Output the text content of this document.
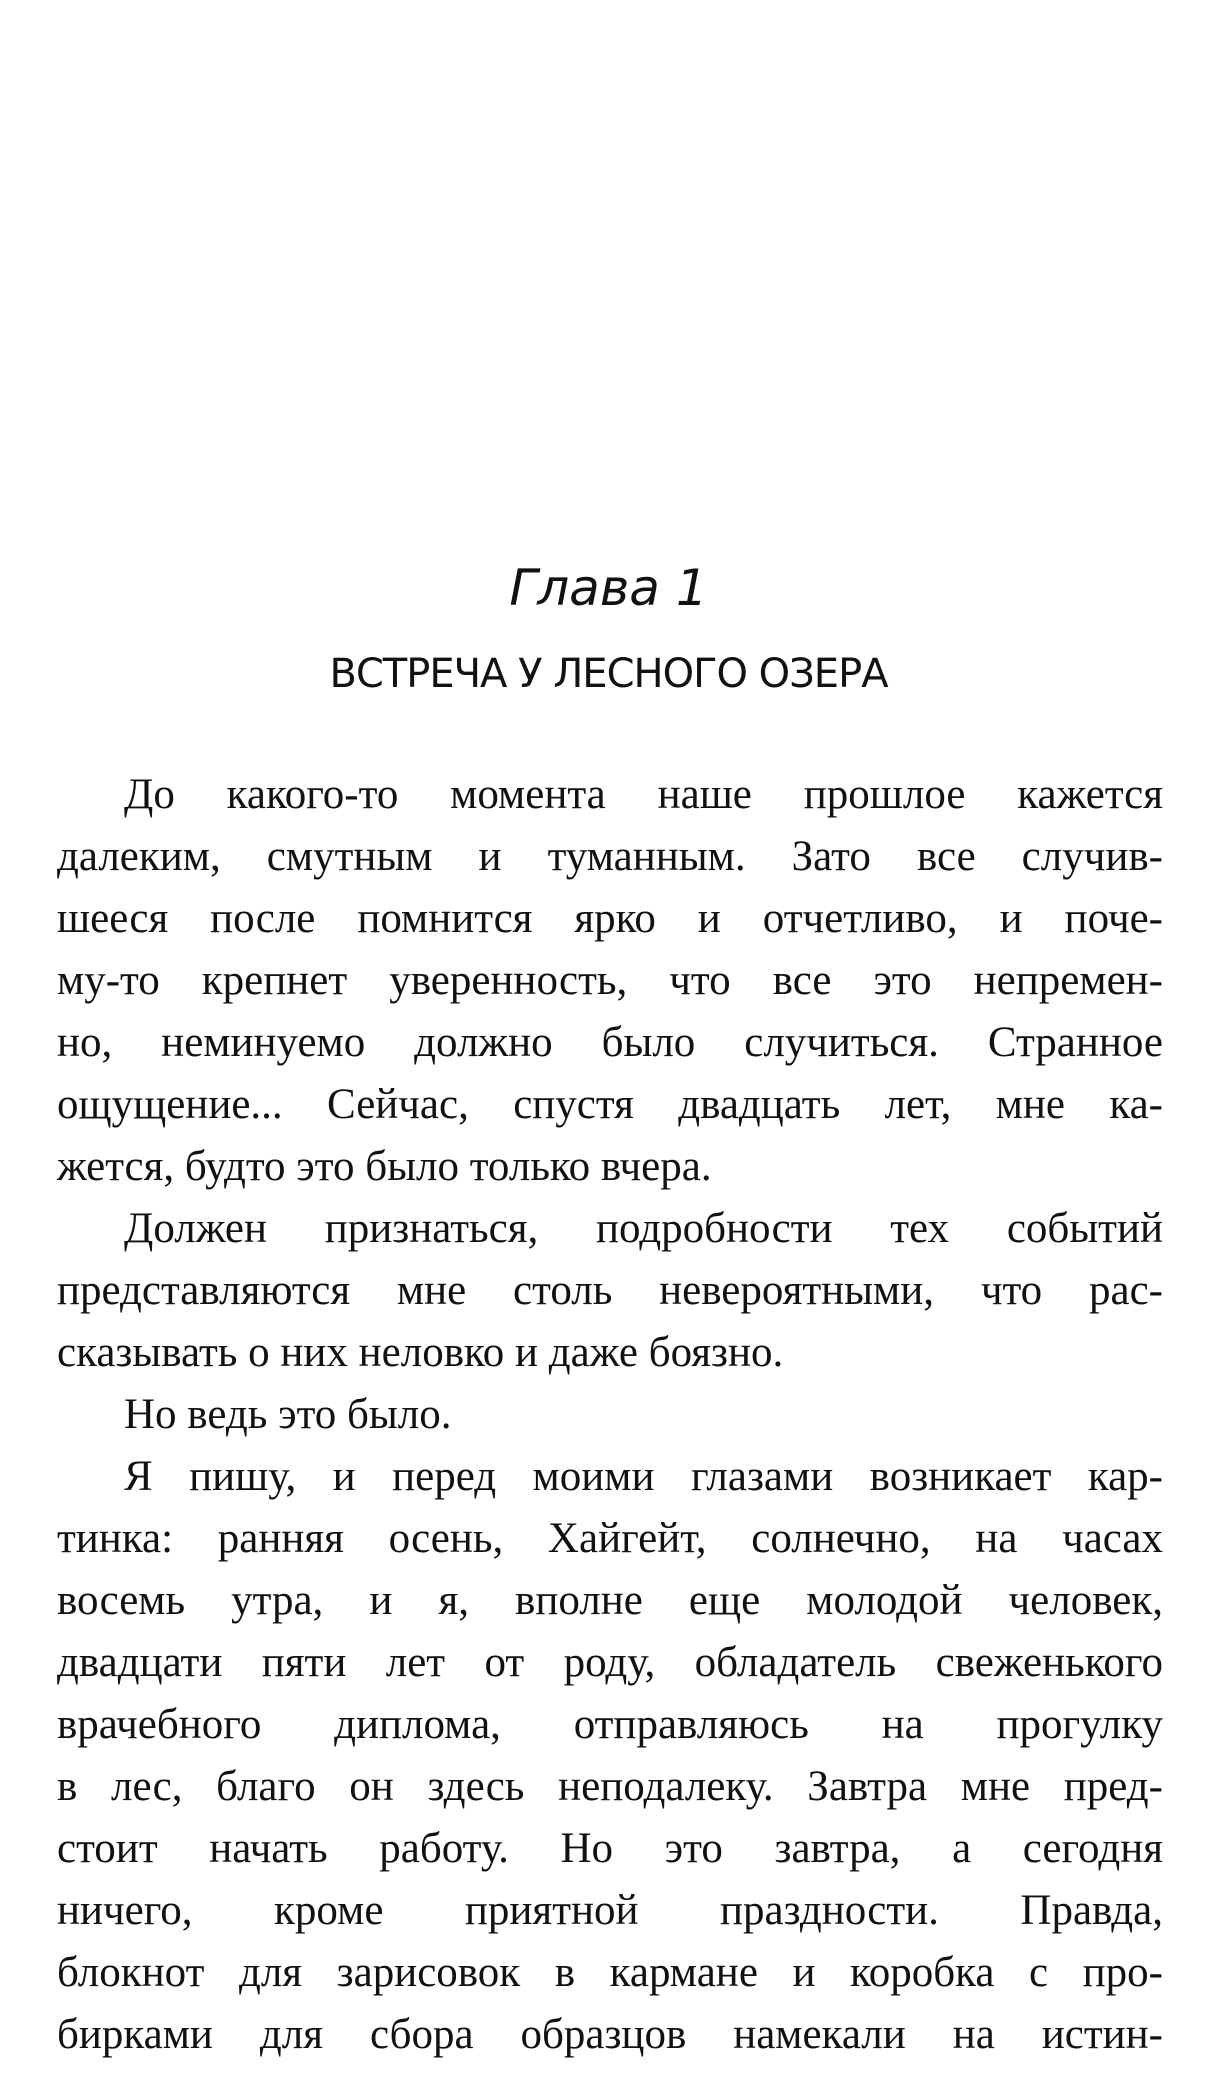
Глава 1
ВСТРЕЧА У ЛЕСНОГО ОЗЕРА
До какого-то момента наше прошлое кажется
далеким, смутным и туманным. Зато все случив-
шееся после помнится ярко и отчетливо, и поче-
му-то крепнет уверенность, что все это непремен-
но, неминуемо должно было случиться. Странное
ощущение... Сейчас, спустя двадцать лет, мне ка-
жется, будто это было только вчера.
Должен признаться, подробности тех событий
представляются мне столь невероятными, что рас-
сказывать о них неловко и даже боязно.
Но ведь это было.
Я пишу, и перед моими глазами возникает кар-
тинка: ранняя осень, Хайгейт, солнечно, на часах
восемь утра, и я, вполне еще молодой человек,
двадцати пяти лет от роду, обладатель свеженького
врачебного диплома, отправляюсь на прогулку
в лес, благо он здесь неподалеку. Завтра мне пред-
стоит начать работу. Но это завтра, а сегодня
ничего, кроме приятной праздности. Правда,
блокнот для зарисовок в кармане и коробка с про-
бирками для сбора образцов намекали на истин-
